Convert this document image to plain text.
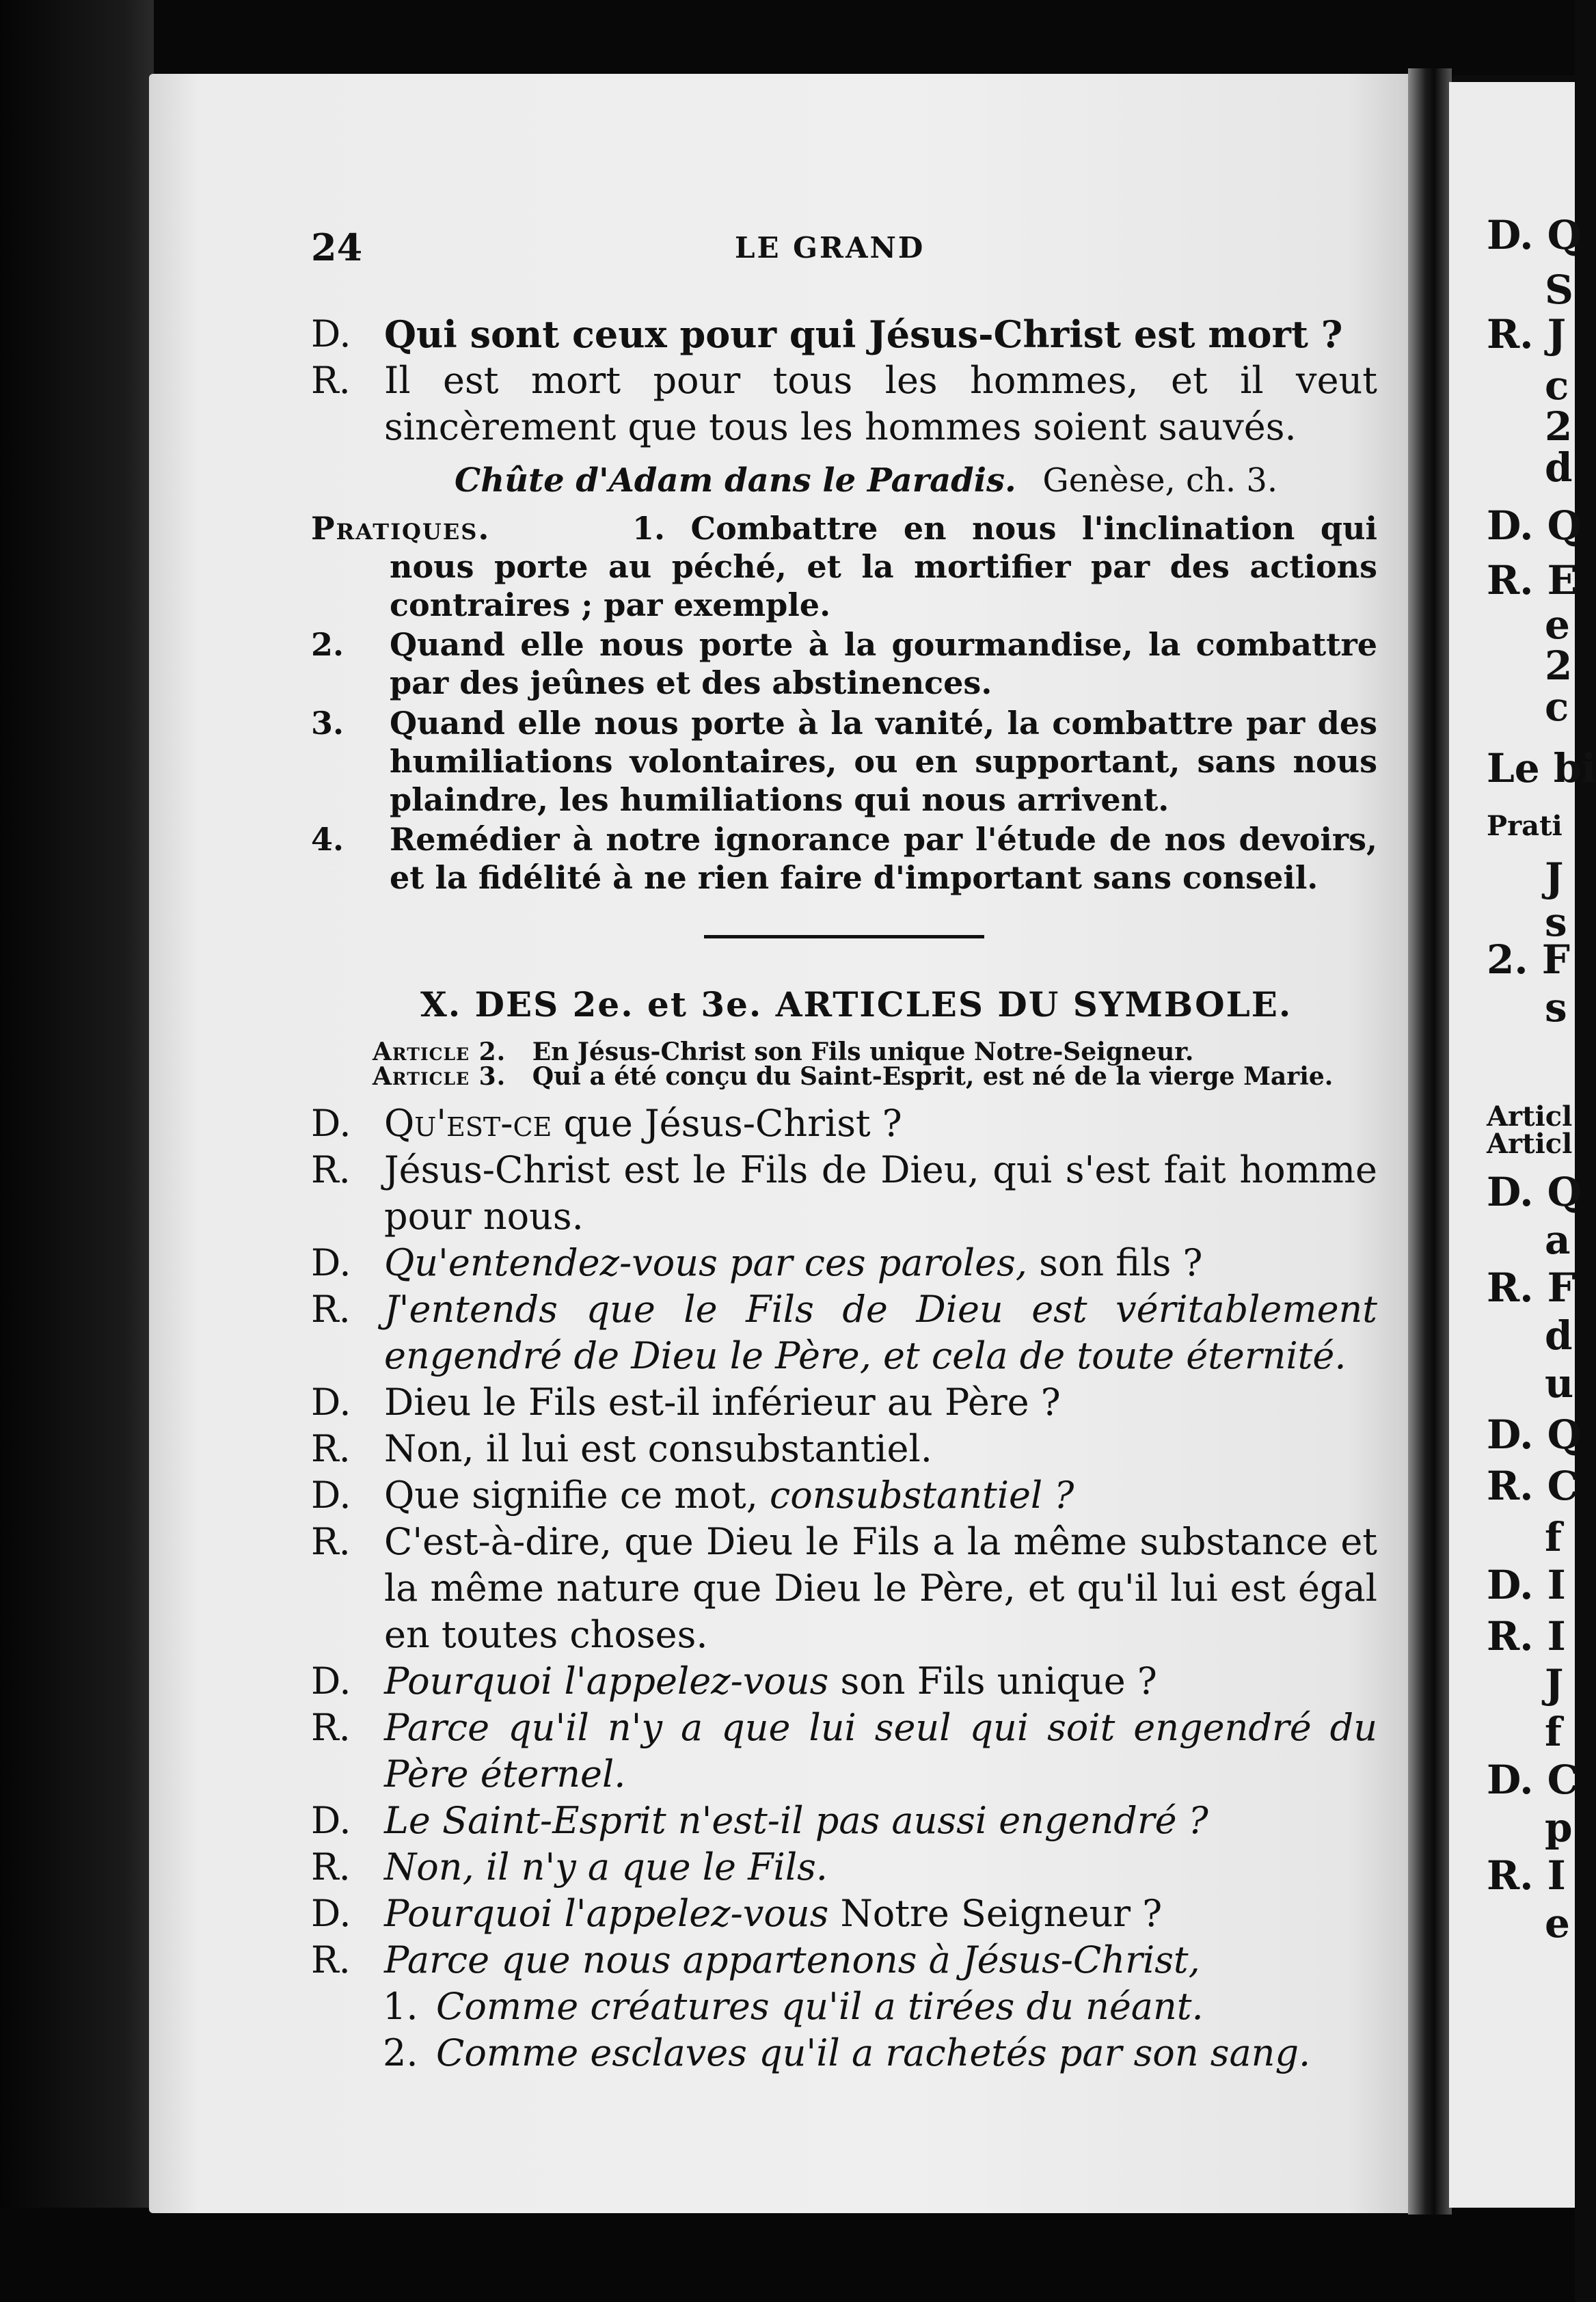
D. Q
S
R. J
c
2
d
D. Q
R. E
e
2
c
Le bi
Prati
J
s
2. F
s
Articl
Articl
D. Q
a
R. F
d
u
D. Q
R. C
f
D. I
R. I
J
f
D. C
p
R. I
e
24	LE GRAND
D. Qui sont ceux pour qui Jésus-Christ est mort ?
R. Il est mort pour tous les hommes, et il veut sincèrement que tous les hommes soient sauvés.
Chûte d'Adam dans le Paradis. Genèse, ch. 3.
Pratiques.	1. Combattre en nous l'inclination qui nous porte au péché, et la mortifier par des actions contraires ; par exemple.
2. Quand elle nous porte à la gourmandise, la combattre par des jeûnes et des abstinences.
3. Quand elle nous porte à la vanité, la combattre par des humiliations volontaires, ou en supportant, sans nous plaindre, les humiliations qui nous arrivent.
4. Remédier à notre ignorance par l'étude de nos devoirs, et la fidélité à ne rien faire d'important sans conseil.
X. DES 2e. et 3e. ARTICLES DU SYMBOLE.
Article 2. En Jésus-Christ son Fils unique Notre-Seigneur.
Article 3. Qui a été conçu du Saint-Esprit, est né de la vierge Marie.
D. Qu'est-ce que Jésus-Christ ?
R. Jésus-Christ est le Fils de Dieu, qui s'est fait homme pour nous.
D. Qu'entendez-vous par ces paroles, son fils ?
R. J'entends que le Fils de Dieu est véritablement engendré de Dieu le Père, et cela de toute éternité.
D. Dieu le Fils est-il inférieur au Père ?
R. Non, il lui est consubstantiel.
D. Que signifie ce mot, consubstantiel ?
R. C'est-à-dire, que Dieu le Fils a la même substance et la même nature que Dieu le Père, et qu'il lui est égal en toutes choses.
D. Pourquoi l'appelez-vous son Fils unique ?
R. Parce qu'il n'y a que lui seul qui soit engendré du Père éternel.
D. Le Saint-Esprit n'est-il pas aussi engendré ?
R. Non, il n'y a que le Fils.
D. Pourquoi l'appelez-vous Notre Seigneur ?
R. Parce que nous appartenons à Jésus-Christ,
1. Comme créatures qu'il a tirées du néant.
2. Comme esclaves qu'il a rachetés par son sang.
